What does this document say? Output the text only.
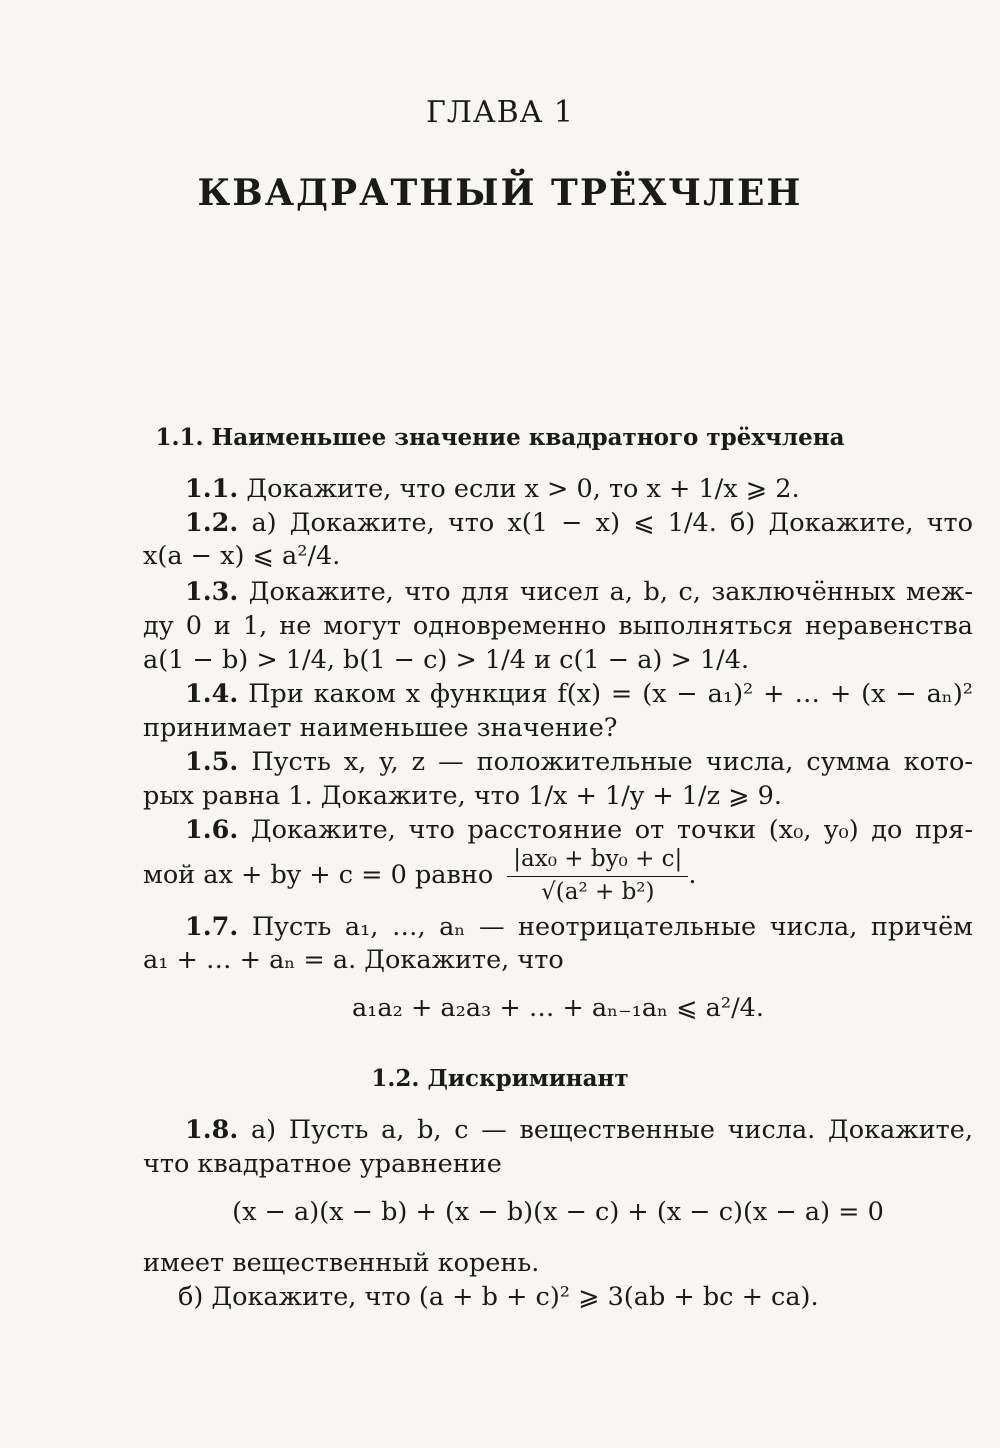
ГЛАВА 1
КВАДРАТНЫЙ ТРЁХЧЛЕН
1.1. Наименьшее значение квадратного трёхчлена
1.1. Докажите, что если x > 0, то x + 1/x ⩾ 2.
1.2. а) Докажите, что x(1 − x) ⩽ 1/4. б) Докажите, что
x(a − x) ⩽ a²/4.
1.3. Докажите, что для чисел a, b, c, заключённых меж-
ду 0 и 1, не могут одновременно выполняться неравенства
a(1 − b) > 1/4, b(1 − c) > 1/4 и c(1 − a) > 1/4.
1.4. При каком x функция f(x) = (x − a₁)² + … + (x − aₙ)²
принимает наименьшее значение?
1.5. Пусть x, y, z — положительные числа, сумма кото-
рых равна 1. Докажите, что 1/x + 1/y + 1/z ⩾ 9.
1.6. Докажите, что расстояние от точки (x₀, y₀) до пря-
мой ax + by + c = 0 равно $\frac{\text{|ax₀ + by₀ + c|}}{\text{√(a² + b²)}}$ .
1.7. Пусть a₁, …, aₙ — неотрицательные числа, причём
a₁ + … + aₙ = a. Докажите, что
a₁a₂ + a₂a₃ + … + aₙ₋₁aₙ ⩽ a²/4.
1.2. Дискриминант
1.8. а) Пусть a, b, c — вещественные числа. Докажите,
что квадратное уравнение
(x − a)(x − b) + (x − b)(x − c) + (x − c)(x − a) = 0
имеет вещественный корень.
б) Докажите, что (a + b + c)² ⩾ 3(ab + bc + ca).
